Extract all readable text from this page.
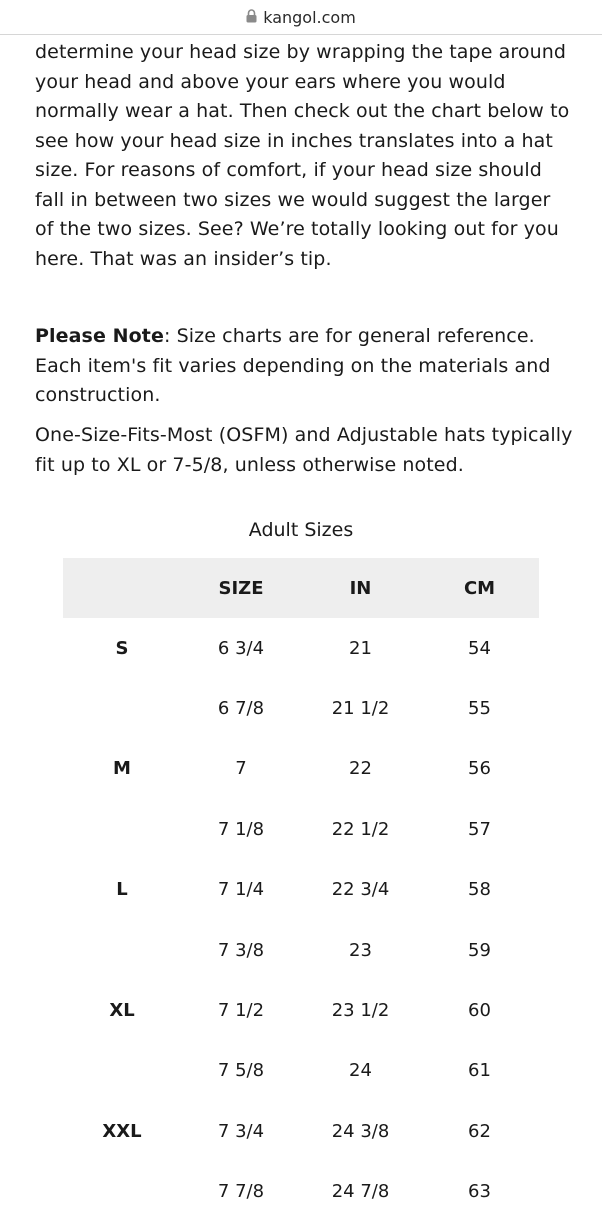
kangol.com

determine your head size by wrapping the tape around your head and above your ears where you would normally wear a hat. Then check out the chart below to see how your head size in inches translates into a hat size. For reasons of comfort, if your head size should fall in between two sizes we would suggest the larger of the two sizes. See? We’re totally looking out for you here. That was an insider’s tip.

Please Note: Size charts are for general reference. Each item's fit varies depending on the materials and construction.

One-Size-Fits-Most (OSFM) and Adjustable hats typically fit up to XL or 7-5/8, unless otherwise noted.

Adult Sizes
	SIZE	IN	CM
S	6 3/4	21	54
	6 7/8	21 1/2	55
M	7	22	56
	7 1/8	22 1/2	57
L	7 1/4	22 3/4	58
	7 3/8	23	59
XL	7 1/2	23 1/2	60
	7 5/8	24	61
XXL	7 3/4	24 3/8	62
	7 7/8	24 7/8	63
